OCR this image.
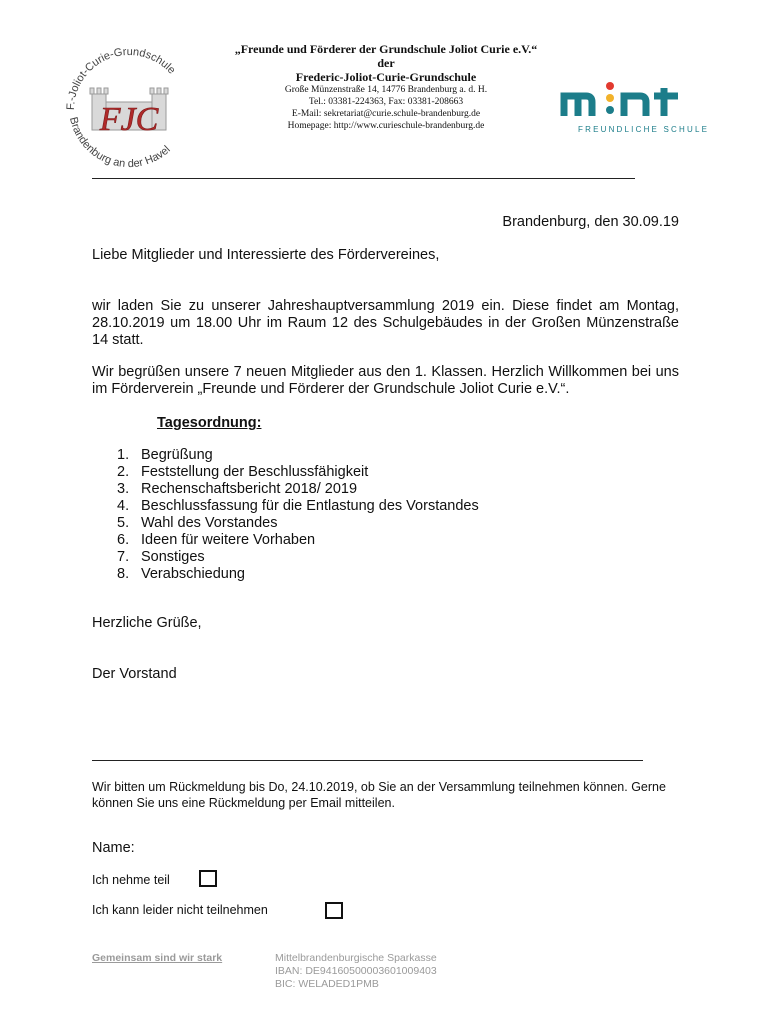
F.-Joliot-Curie-Grundschule
Brandenburg an der Havel
FJC
„Freunde und Förderer der Grundschule Joliot Curie e.V.“
der
Frederic-Joliot-Curie-Grundschule
Große Münzenstraße 14, 14776 Brandenburg a. d. H.
Tel.: 03381-224363, Fax: 03381-208663
E-Mail: sekretariat@curie.schule-brandenburg.de
Homepage: http://www.curieschule-brandenburg.de	FREUNDLICHE SCHULE
Brandenburg, den 30.09.19
Liebe Mitglieder und Interessierte des Fördervereines,
wir laden Sie zu unserer Jahreshauptversammlung 2019 ein. Diese findet am Montag, 28.10.2019 um 18.00 Uhr im Raum 12 des Schulgebäudes in der Großen Münzenstraße 14 statt.
Wir begrüßen unsere 7 neuen Mitglieder aus den 1. Klassen. Herzlich Willkommen bei uns im Förderverein „Freunde und Förderer der Grundschule Joliot Curie e.V.“.
Tagesordnung:
1. Begrüßung
2. Feststellung der Beschlussfähigkeit
3. Rechenschaftsbericht 2018/ 2019
4. Beschlussfassung für die Entlastung des Vorstandes
5. Wahl des Vorstandes
6. Ideen für weitere Vorhaben
7. Sonstiges
8. Verabschiedung
Herzliche Grüße,
Der Vorstand
Wir bitten um Rückmeldung bis Do, 24.10.2019, ob Sie an der Versammlung teilnehmen können. Gerne können Sie uns eine Rückmeldung per Email mitteilen.
Name:
Ich nehme teil
Ich kann leider nicht teilnehmen
Gemeinsam sind wir stark	Mittelbrandenburgische Sparkasse
IBAN: DE94160500003601009403
BIC: WELADED1PMB
